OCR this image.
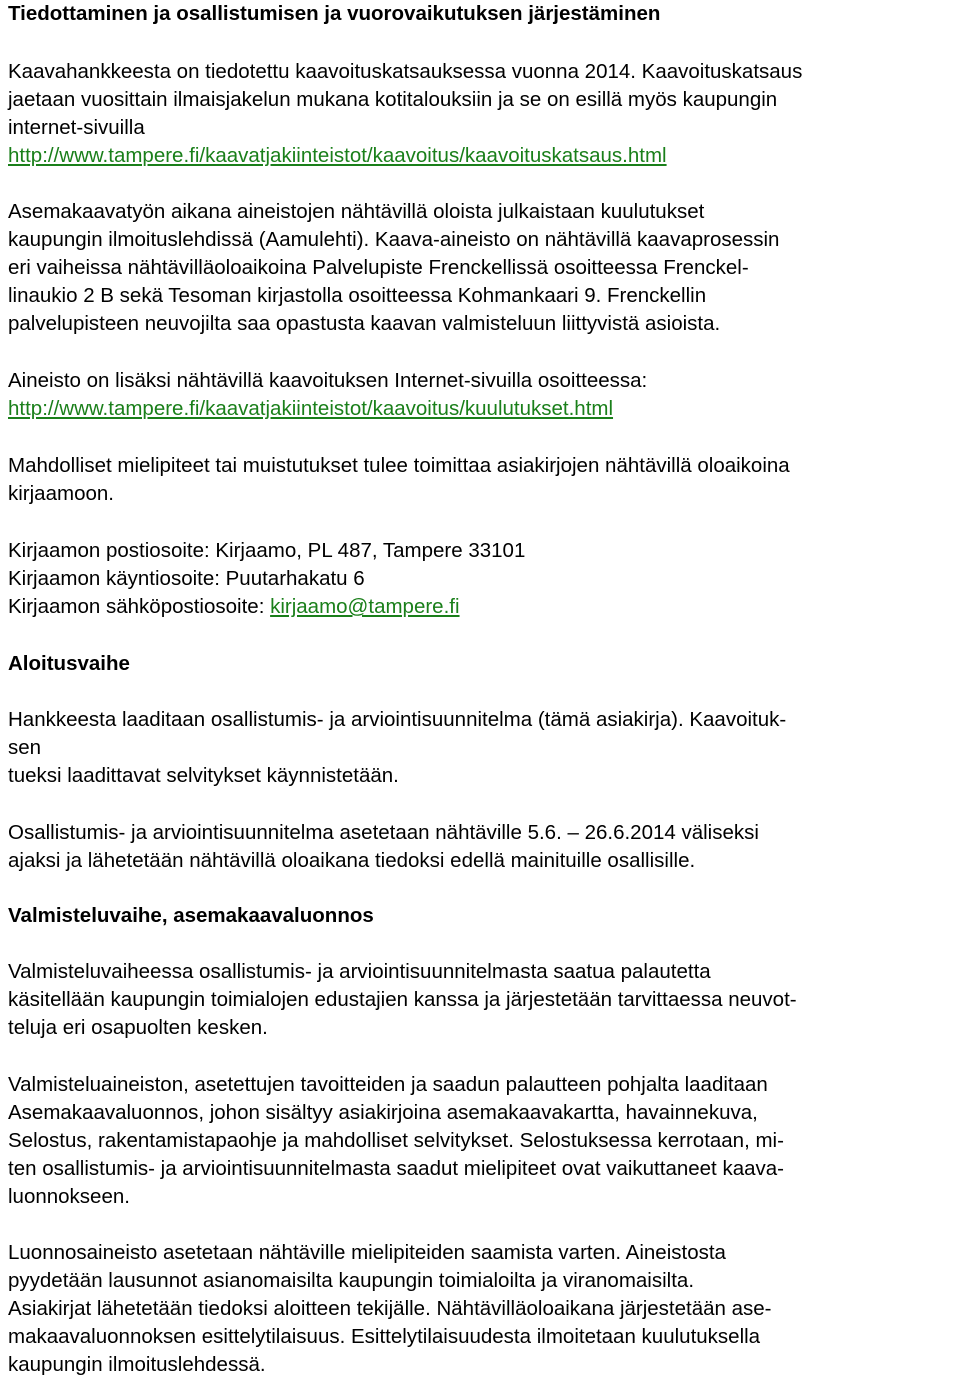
Tiedottaminen ja osallistumisen ja vuorovaikutuksen järjestäminen
Kaavahankkeesta on tiedotettu kaavoituskatsauksessa vuonna 2014. Kaavoituskatsaus
jaetaan vuosittain ilmaisjakelun mukana kotitalouksiin ja se on esillä myös kaupungin
internet-sivuilla
http://www.tampere.fi/kaavatjakiinteistot/kaavoitus/kaavoituskatsaus.html
Asemakaavatyön aikana aineistojen nähtävillä oloista julkaistaan kuulutukset
kaupungin ilmoituslehdissä (Aamulehti). Kaava-aineisto on nähtävillä kaavaprosessin
eri vaiheissa nähtävilläoloaikoina Palvelupiste Frenckellissä osoitteessa Frenckel-
linaukio 2 B sekä Tesoman kirjastolla osoitteessa Kohmankaari 9. Frenckellin
palvelupisteen neuvojilta saa opastusta kaavan valmisteluun liittyvistä asioista.
Aineisto on lisäksi nähtävillä kaavoituksen Internet-sivuilla osoitteessa:
http://www.tampere.fi/kaavatjakiinteistot/kaavoitus/kuulutukset.html
Mahdolliset mielipiteet tai muistutukset tulee toimittaa asiakirjojen nähtävillä oloaikoina
kirjaamoon.
Kirjaamon postiosoite: Kirjaamo, PL 487, Tampere 33101
Kirjaamon käyntiosoite: Puutarhakatu 6
Kirjaamon sähköpostiosoite: kirjaamo@tampere.fi
Aloitusvaihe
Hankkeesta laaditaan osallistumis- ja arviointisuunnitelma (tämä asiakirja). Kaavoituk-
sen
tueksi laadittavat selvitykset käynnistetään.
Osallistumis- ja arviointisuunnitelma asetetaan nähtäville 5.6. – 26.6.2014 väliseksi
ajaksi ja lähetetään nähtävillä oloaikana tiedoksi edellä mainituille osallisille.
Valmisteluvaihe, asemakaavaluonnos
Valmisteluvaiheessa osallistumis- ja arviointisuunnitelmasta saatua palautetta
käsitellään kaupungin toimialojen edustajien kanssa ja järjestetään tarvittaessa neuvot-
teluja eri osapuolten kesken.
Valmisteluaineiston, asetettujen tavoitteiden ja saadun palautteen pohjalta laaditaan
Asemakaavaluonnos, johon sisältyy asiakirjoina asemakaavakartta, havainnekuva,
Selostus, rakentamistapaohje ja mahdolliset selvitykset. Selostuksessa kerrotaan, mi-
ten osallistumis- ja arviointisuunnitelmasta saadut mielipiteet ovat vaikuttaneet kaava-
luonnokseen.
Luonnosaineisto asetetaan nähtäville mielipiteiden saamista varten. Aineistosta
pyydetään lausunnot asianomaisilta kaupungin toimialoilta ja viranomaisilta.
Asiakirjat lähetetään tiedoksi aloitteen tekijälle. Nähtävilläoloaikana järjestetään ase-
makaavaluonnoksen esittelytilaisuus. Esittelytilaisuudesta ilmoitetaan kuulutuksella
kaupungin ilmoituslehdessä.
